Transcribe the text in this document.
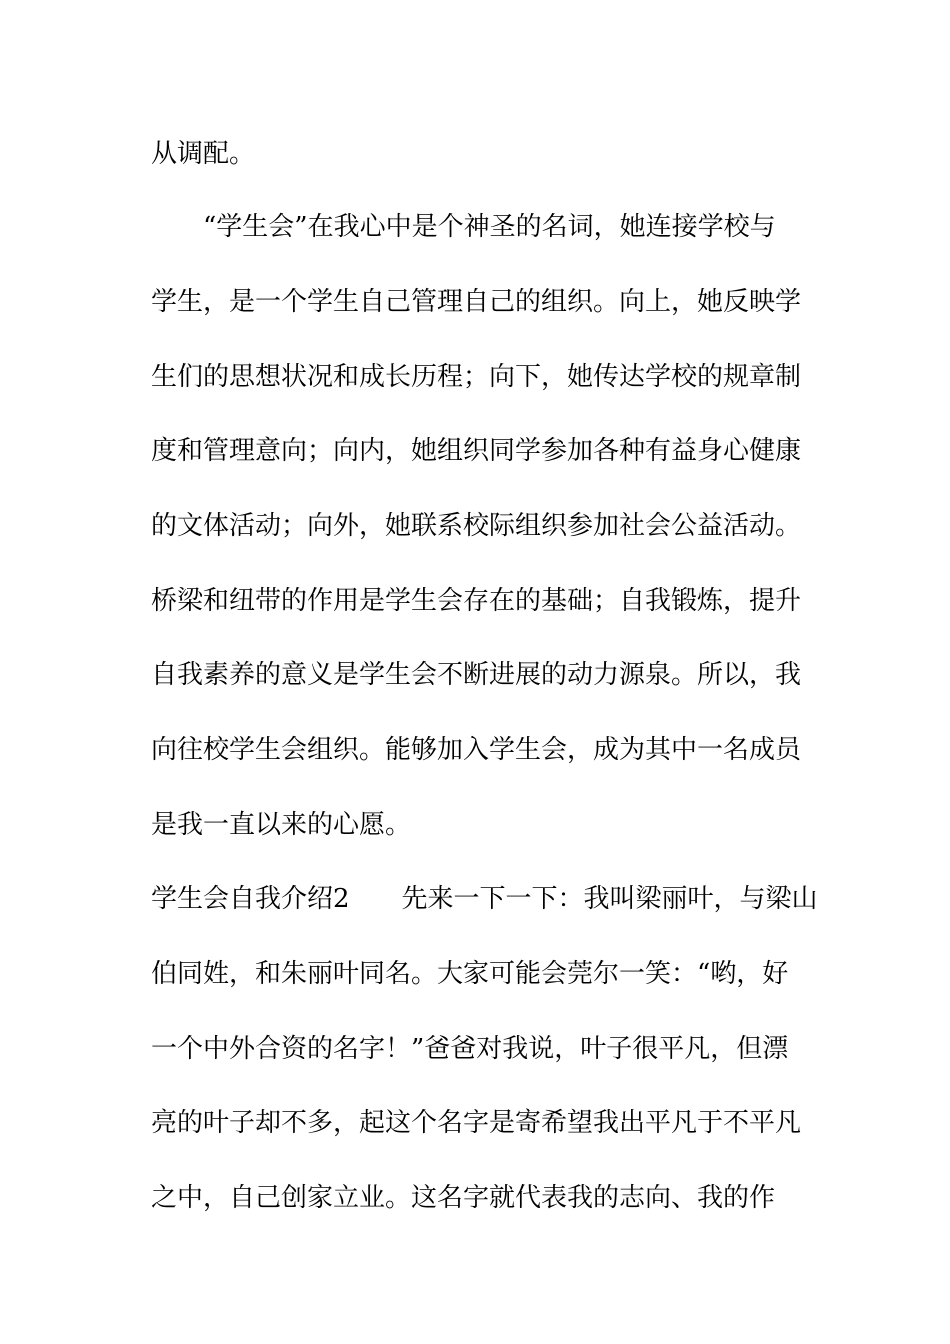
从调配。
　　“学生会”在我心中是个神圣的名词，她连接学校与
学生，是一个学生自己管理自己的组织。向上，她反映学
生们的思想状况和成长历程；向下，她传达学校的规章制
度和管理意向；向内，她组织同学参加各种有益身心健康
的文体活动；向外，她联系校际组织参加社会公益活动。
桥梁和纽带的作用是学生会存在的基础；自我锻炼，提升
自我素养的意义是学生会不断进展的动力源泉。所以，我
向往校学生会组织。能够加入学生会，成为其中一名成员
是我一直以来的心愿。
学生会自我介绍2　　先来一下一下：我叫梁丽叶，与梁山
伯同姓，和朱丽叶同名。大家可能会莞尔一笑：“哟，好
一个中外合资的名字！”爸爸对我说，叶子很平凡，但漂
亮的叶子却不多，起这个名字是寄希望我出平凡于不平凡
之中，自己创家立业。这名字就代表我的志向、我的作
